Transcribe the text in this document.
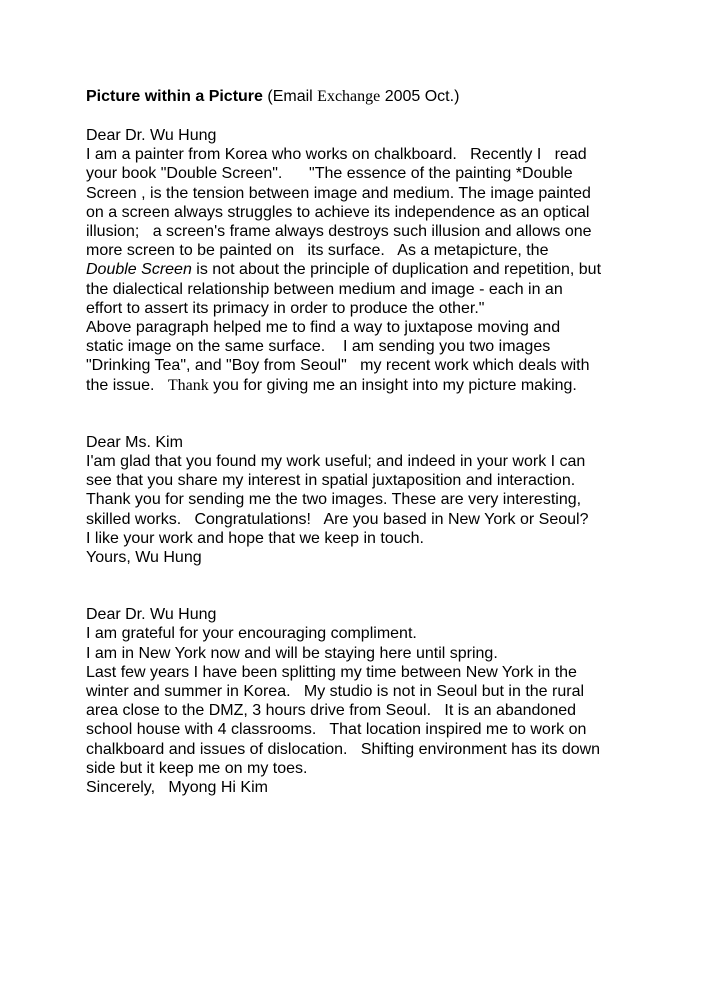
Picture within a Picture (Email Exchange 2005 Oct.)
Dear Dr. Wu Hung
I am a painter from Korea who works on chalkboard.   Recently I   read
your book "Double Screen".      "The essence of the painting *Double
Screen , is the tension between image and medium. The image painted
on a screen always struggles to achieve its independence as an optical
illusion;   a screen's frame always destroys such illusion and allows one
more screen to be painted on   its surface.   As a metapicture, the
Double Screen is not about the principle of duplication and repetition, but
the dialectical relationship between medium and image - each in an
effort to assert its primacy in order to produce the other."
Above paragraph helped me to find a way to juxtapose moving and
static image on the same surface.    I am sending you two images
"Drinking Tea", and "Boy from Seoul"   my recent work which deals with
the issue.   Thank you for giving me an insight into my picture making.
Dear Ms. Kim
I'am glad that you found my work useful; and indeed in your work I can
see that you share my interest in spatial juxtaposition and interaction.
Thank you for sending me the two images. These are very interesting,
skilled works.   Congratulations!   Are you based in New York or Seoul?
I like your work and hope that we keep in touch.
Yours, Wu Hung
Dear Dr. Wu Hung
I am grateful for your encouraging compliment.
I am in New York now and will be staying here until spring.
Last few years I have been splitting my time between New York in the
winter and summer in Korea.   My studio is not in Seoul but in the rural
area close to the DMZ, 3 hours drive from Seoul.   It is an abandoned
school house with 4 classrooms.   That location inspired me to work on
chalkboard and issues of dislocation.   Shifting environment has its down
side but it keep me on my toes.
Sincerely,   Myong Hi Kim
